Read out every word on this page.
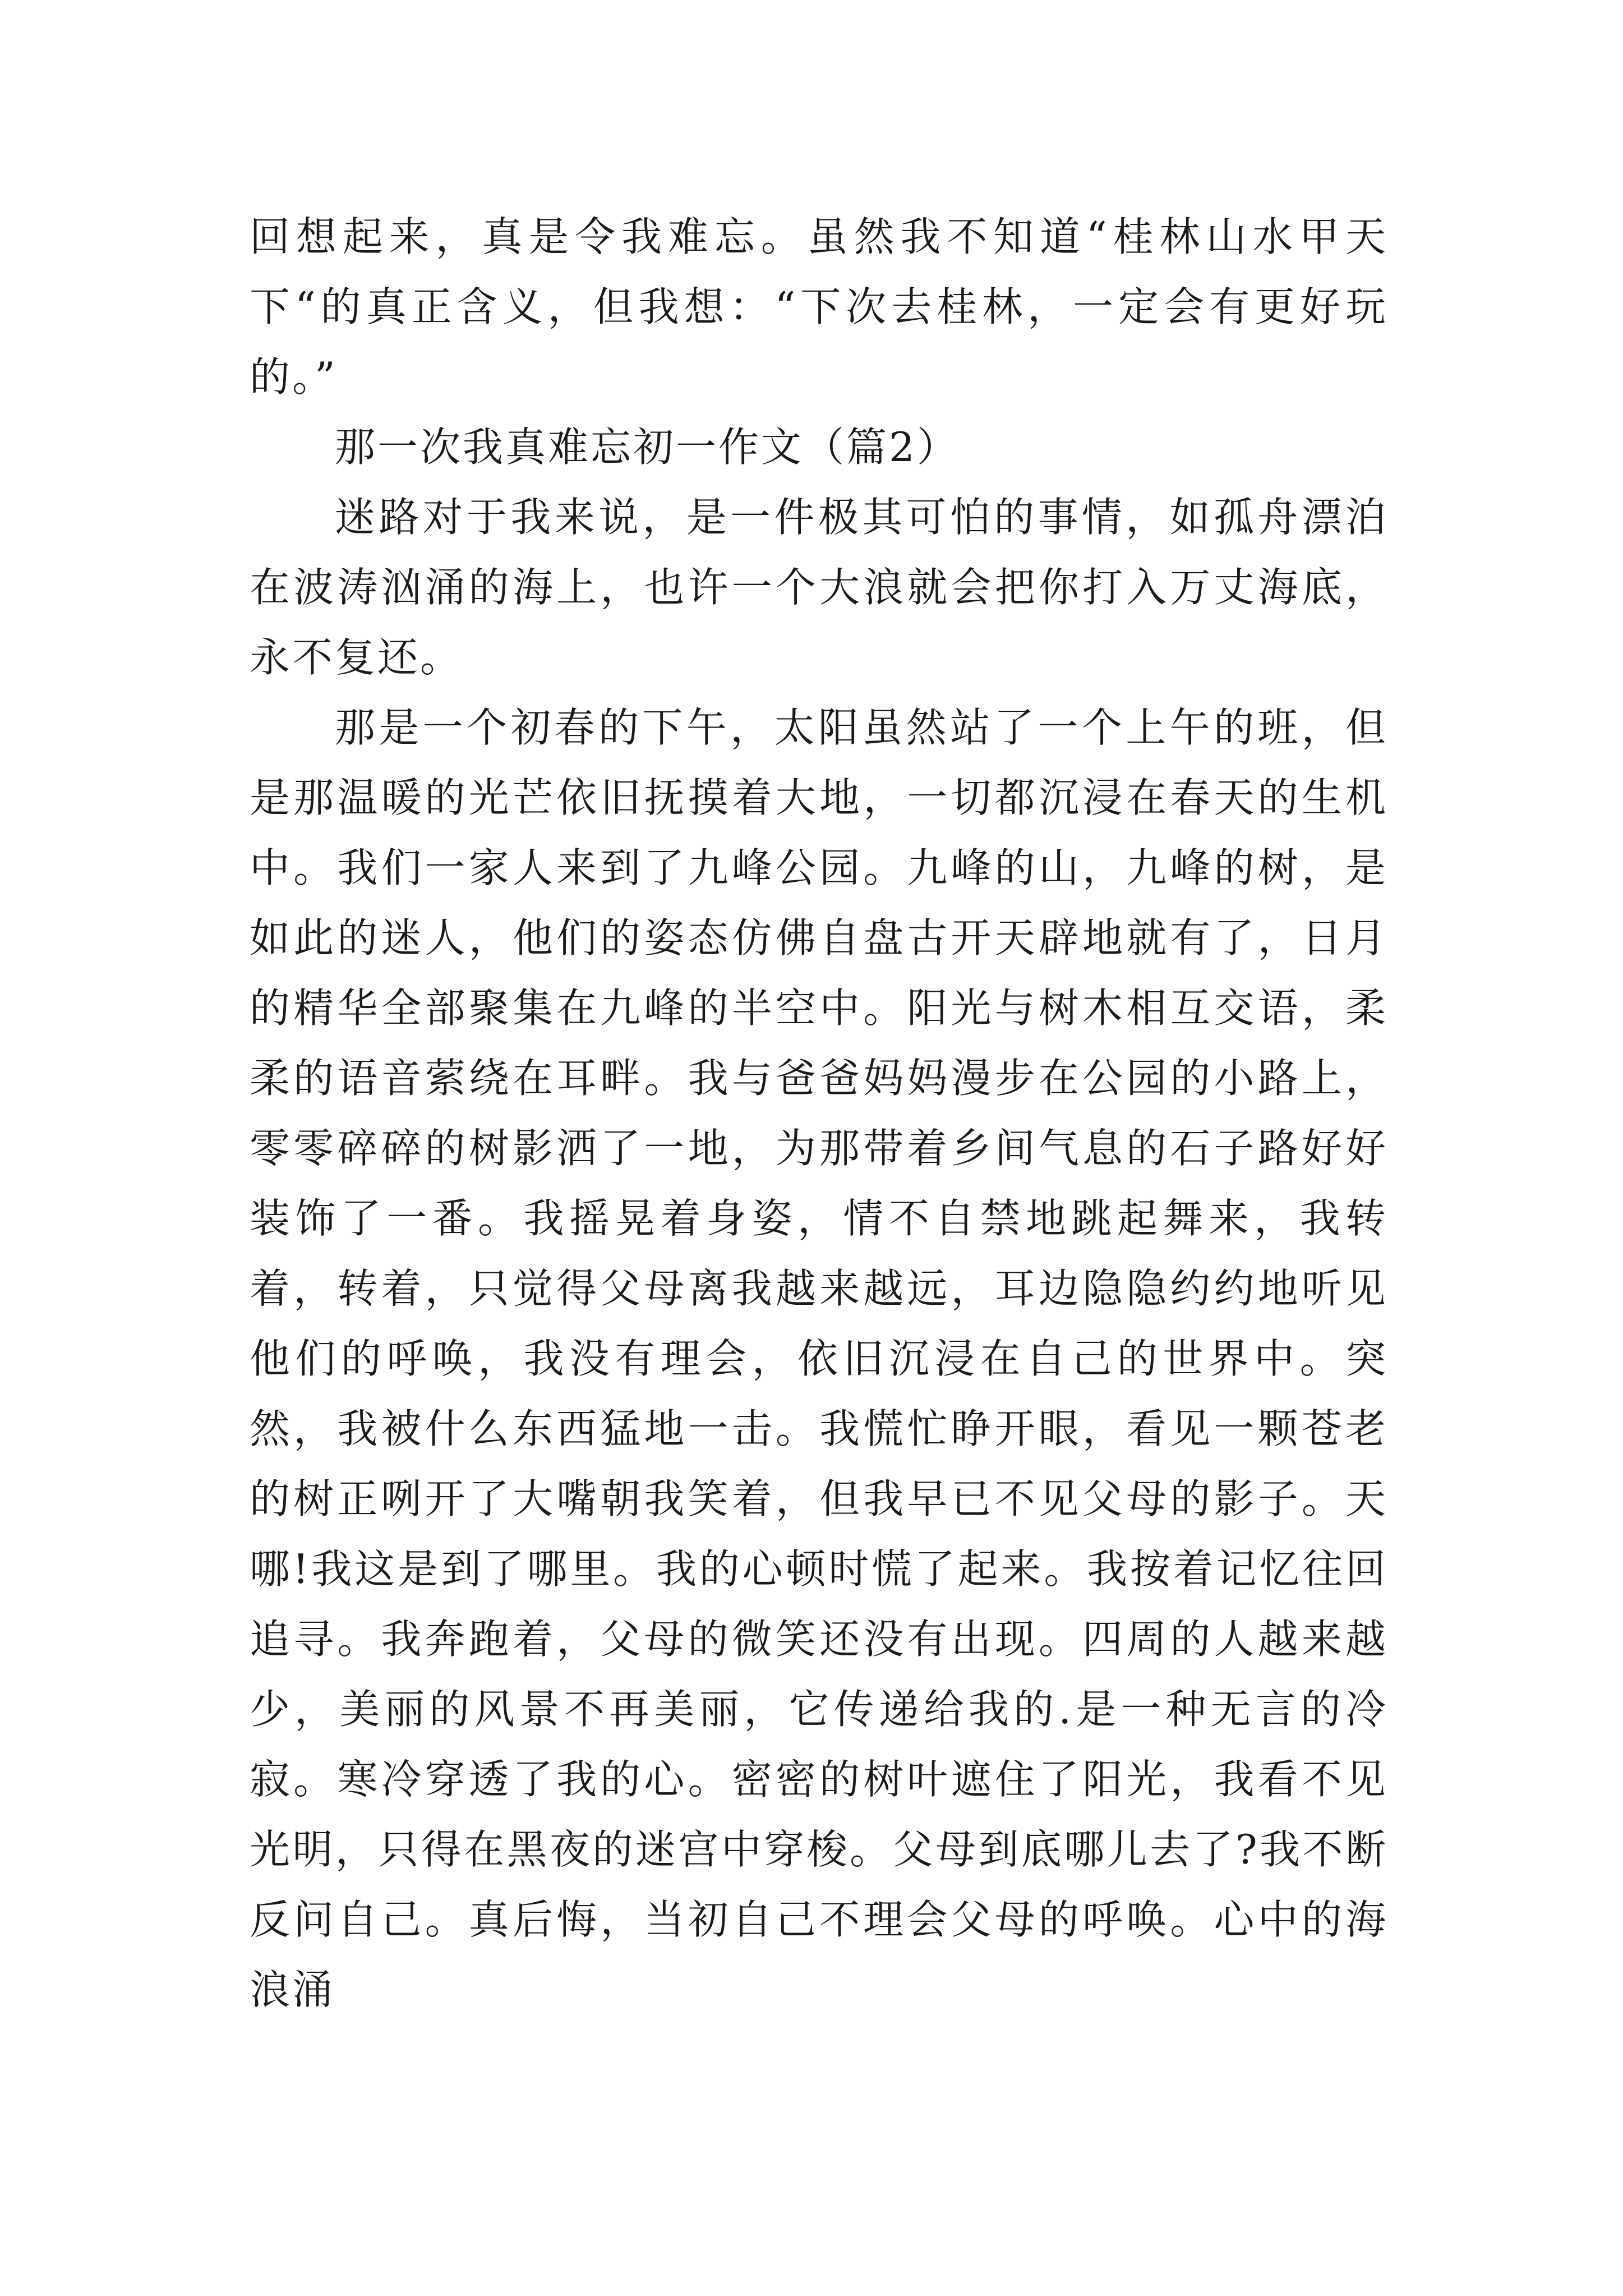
回想起来，真是令我难忘。虽然我不知道“桂林山水甲天下“的真正含义，但我想：“下次去桂林，一定会有更好玩的。”

那一次我真难忘初一作文（篇2）

迷路对于我来说，是一件极其可怕的事情，如孤舟漂泊在波涛汹涌的海上，也许一个大浪就会把你打入万丈海底，永不复还。

那是一个初春的下午，太阳虽然站了一个上午的班，但是那温暖的光芒依旧抚摸着大地，一切都沉浸在春天的生机中。我们一家人来到了九峰公园。九峰的山，九峰的树，是如此的迷人，他们的姿态仿佛自盘古开天辟地就有了，日月的精华全部聚集在九峰的半空中。阳光与树木相互交语，柔柔的语音萦绕在耳畔。我与爸爸妈妈漫步在公园的小路上，零零碎碎的树影洒了一地，为那带着乡间气息的石子路好好装饰了一番。我摇晃着身姿，情不自禁地跳起舞来，我转着，转着，只觉得父母离我越来越远，耳边隐隐约约地听见他们的呼唤，我没有理会，依旧沉浸在自己的世界中。突然，我被什么东西猛地一击。我慌忙睁开眼，看见一颗苍老的树正咧开了大嘴朝我笑着，但我早已不见父母的影子。天哪!我这是到了哪里。我的心顿时慌了起来。我按着记忆往回追寻。我奔跑着，父母的微笑还没有出现。四周的人越来越少，美丽的风景不再美丽，它传递给我的.是一种无言的冷寂。寒冷穿透了我的心。密密的树叶遮住了阳光，我看不见光明，只得在黑夜的迷宫中穿梭。父母到底哪儿去了?我不断反问自己。真后悔，当初自己不理会父母的呼唤。心中的海浪涌
